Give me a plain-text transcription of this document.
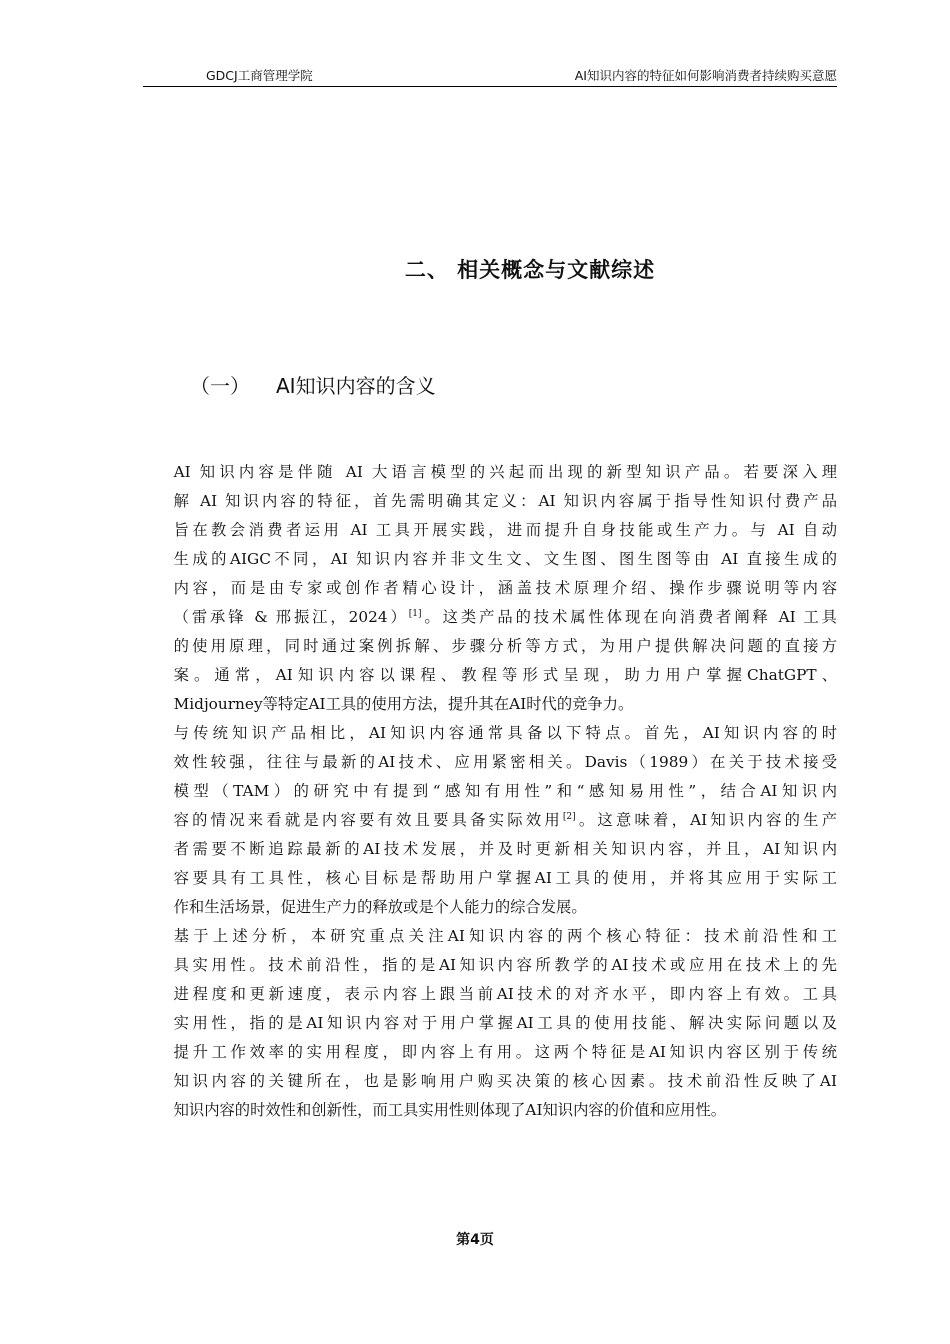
GDCJ工商管理学院	AI知识内容的特征如何影响消费者持续购买意愿
二、 相关概念与文献综述
（一） AI知识内容的含义

AI 知识内容是伴随 AI 大语言模型的兴起而出现的新型知识产品。若要深入理
解 AI 知识内容的特征，首先需明确其定义：AI 知识内容属于指导性知识付费产品
旨在教会消费者运用 AI 工具开展实践，进而提升自身技能或生产力。与 AI 自动
生成的AIGC不同，AI 知识内容并非文生文、文生图、图生图等由 AI 直接生成的
内容，而是由专家或创作者精心设计，涵盖技术原理介绍、操作步骤说明等内容
（雷承锋 & 邢振江，2024）[1]。这类产品的技术属性体现在向消费者阐释 AI 工具
的使用原理，同时通过案例拆解、步骤分析等方式，为用户提供解决问题的直接方
案。通常，AI知识内容以课程、教程等形式呈现，助力用户掌握ChatGPT、
Midjourney等特定AI工具的使用方法，提升其在AI时代的竞争力。

与传统知识产品相比，AI知识内容通常具备以下特点。首先，AI知识内容的时
效性较强，往往与最新的AI技术、应用紧密相关。Davis（1989）在关于技术接受
模型（TAM）的研究中有提到“感知有用性”和“感知易用性”，结合AI知识内
容的情况来看就是内容要有效且要具备实际效用[2]。这意味着，AI知识内容的生产
者需要不断追踪最新的AI技术发展，并及时更新相关知识内容，并且，AI知识内
容要具有工具性，核心目标是帮助用户掌握AI工具的使用，并将其应用于实际工
作和生活场景，促进生产力的释放或是个人能力的综合发展。

基于上述分析，本研究重点关注AI知识内容的两个核心特征：技术前沿性和工
具实用性。技术前沿性，指的是AI知识内容所教学的AI技术或应用在技术上的先
进程度和更新速度，表示内容上跟当前AI技术的对齐水平，即内容上有效。工具
实用性，指的是AI知识内容对于用户掌握AI工具的使用技能、解决实际问题以及
提升工作效率的实用程度，即内容上有用。这两个特征是AI知识内容区别于传统
知识内容的关键所在，也是影响用户购买决策的核心因素。技术前沿性反映了AI
知识内容的时效性和创新性，而工具实用性则体现了AI知识内容的价值和应用性。

第4页
